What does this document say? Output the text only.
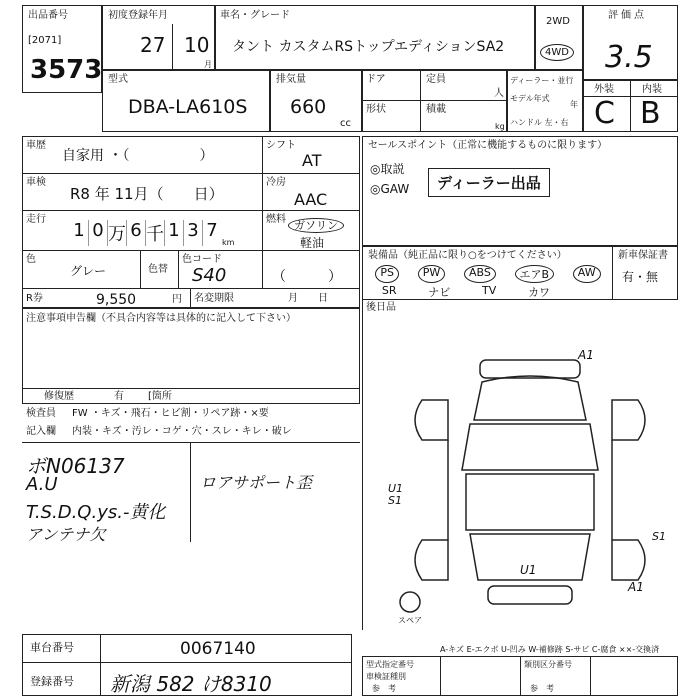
出品番号
[2071]
3573
初度登録年月
27 10
月
車名・グレード
タント カスタムRSトップエディションSA2
2WD
4WD
評価点
3.5
型式
DBA-LA610S
排気量
660
cc
ドア	定員
人
形状	積載
kg
ディーラー・並行
モデル年式
年
ハンドル 左・右
外装	内装
C B
車歴
自家用 ・（　　　　　）
シフト
AT
車検
R8 年 11月（　　日）
冷房
AAC
走行
1 0 万 6 千 1 3 7
km
燃料 ガソリン
軽油
色
グレー	色替
色コード
S40	（　　　）
R券	9,550	円 名変期限	月　　日
注意事項申告欄（不具合内容等は具体的に記入して下さい）
修復歴	有 [箇所
検査員 FW ・キズ・飛石・ヒビ割・リペア跡・×要
記入欄 内装・キズ・汚レ・コゲ・穴・スレ・キレ・破レ
ボN06137
A.U
T.S.D.Q.ys.-黄化
アンテナ欠
ロアサポート歪
セールスポイント（正常に機能するものに限ります）
◎取説
◎GAW	ディーラー出品
装備品（純正品に限り○をつけてください）
PS	PW	ABS	エアB	AW
SR	ナビ	TV	カワ
新車保証書
有・無
後日品
A1
U1
S1
S1
U1
A1
スペア
A-キズ E-エクボ U-凹み W-補修跡 S-サビ C-腐食 ××-交換済
車台番号	0067140
登録番号 新潟 582 け8310
型式指定番号
参　考
類別区分番号
参　考
車検証種別
